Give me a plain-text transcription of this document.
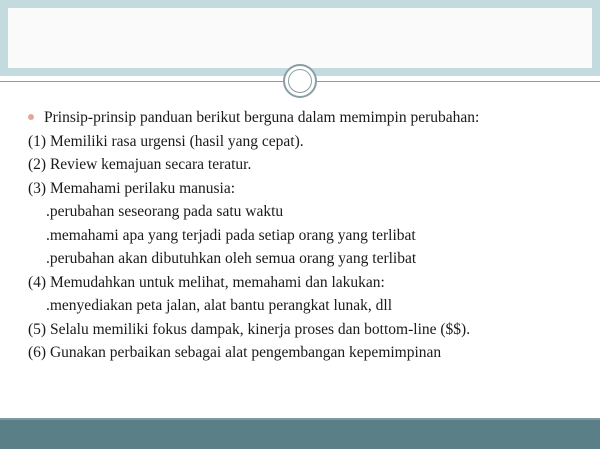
Prinsip-prinsip panduan berikut berguna dalam memimpin perubahan:
(1) Memiliki rasa urgensi (hasil yang cepat).
(2) Review kemajuan secara teratur.
(3) Memahami perilaku manusia:
.perubahan seseorang pada satu waktu
.memahami apa yang terjadi pada setiap orang yang terlibat
.perubahan akan dibutuhkan oleh semua orang yang terlibat
(4) Memudahkan untuk melihat, memahami dan lakukan:
.menyediakan peta jalan, alat bantu perangkat lunak, dll
(5) Selalu memiliki fokus dampak, kinerja proses dan bottom-line ($$).
(6) Gunakan perbaikan sebagai alat pengembangan kepemimpinan
